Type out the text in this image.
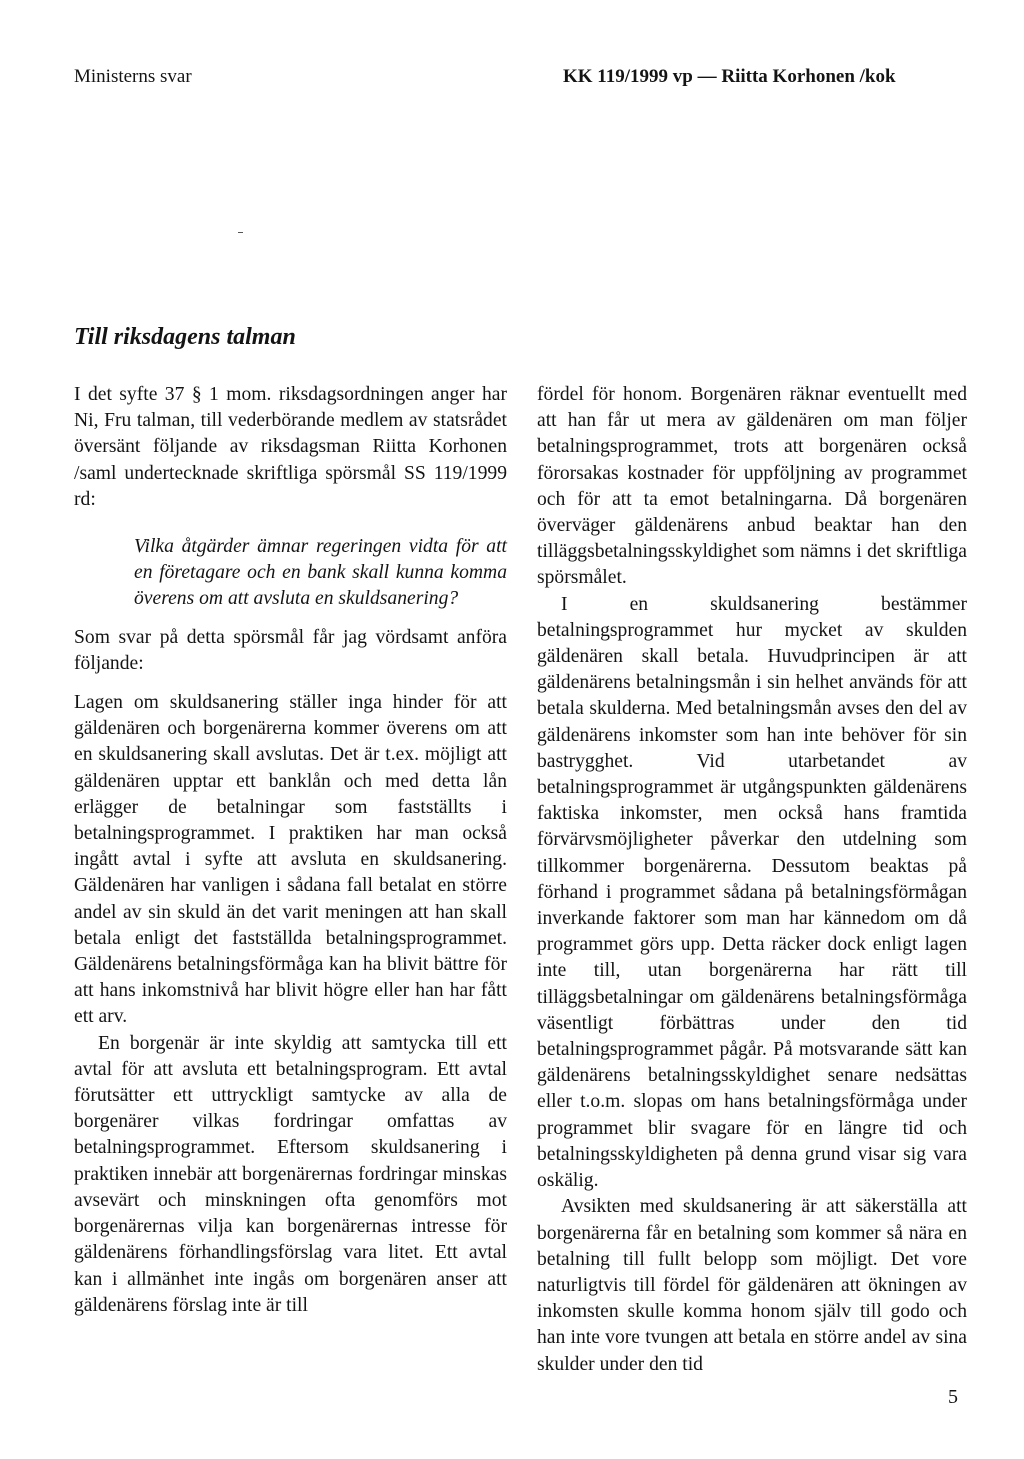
Ministerns svar	KK 119/1999 vp — Riitta Korhonen /kok
Till riksdagens talman

I det syfte 37 § 1 mom. riksdagsordningen anger har Ni, Fru talman, till vederbörande medlem av statsrådet översänt följande av riksdagsman Riitta Korhonen /saml undertecknade skriftliga spörsmål SS 119/1999 rd:

Vilka åtgärder ämnar regeringen vidta för att en företagare och en bank skall kunna komma överens om att avsluta en skuldsanering?

Som svar på detta spörsmål får jag vördsamt anföra följande:

Lagen om skuldsanering ställer inga hinder för att gäldenären och borgenärerna kommer överens om att en skuldsanering skall avslutas. Det är t.ex. möjligt att gäldenären upptar ett banklån och med detta lån erlägger de betalningar som fastställts i betalningsprogrammet. I praktiken har man också ingått avtal i syfte att avsluta en skuldsanering. Gäldenären har vanligen i sådana fall betalat en större andel av sin skuld än det varit meningen att han skall betala enligt det fastställda betalningsprogrammet. Gäldenärens betalningsförmåga kan ha blivit bättre för att hans inkomstnivå har blivit högre eller han har fått ett arv.

En borgenär är inte skyldig att samtycka till ett avtal för att avsluta ett betalningsprogram. Ett avtal förutsätter ett uttryckligt samtycke av alla de borgenärer vilkas fordringar omfattas av betalningsprogrammet. Eftersom skuldsanering i praktiken innebär att borgenärernas fordringar minskas avsevärt och minskningen ofta genomförs mot borgenärernas vilja kan borgenärernas intresse för gäldenärens förhandlingsförslag vara litet. Ett avtal kan i allmänhet inte ingås om borgenären anser att gäldenärens förslag inte är till

fördel för honom. Borgenären räknar eventuellt med att han får ut mera av gäldenären om man följer betalningsprogrammet, trots att borgenären också förorsakas kostnader för uppföljning av programmet och för att ta emot betalningarna. Då borgenären överväger gäldenärens anbud beaktar han den tilläggsbetalningsskyldighet som nämns i det skriftliga spörsmålet.

I en skuldsanering bestämmer betalningsprogrammet hur mycket av skulden gäldenären skall betala. Huvudprincipen är att gäldenärens betalningsmån i sin helhet används för att betala skulderna. Med betalningsmån avses den del av gäldenärens inkomster som han inte behöver för sin bastrygghet. Vid utarbetandet av betalningsprogrammet är utgångspunkten gäldenärens faktiska inkomster, men också hans framtida förvärvsmöjligheter påverkar den utdelning som tillkommer borgenärerna. Dessutom beaktas på förhand i programmet sådana på betalningsförmågan inverkande faktorer som man har kännedom om då programmet görs upp. Detta räcker dock enligt lagen inte till, utan borgenärerna har rätt till tilläggsbetalningar om gäldenärens betalningsförmåga väsentligt förbättras under den tid betalningsprogrammet pågår. På motsvarande sätt kan gäldenärens betalningsskyldighet senare nedsättas eller t.o.m. slopas om hans betalningsförmåga under programmet blir svagare för en längre tid och betalningsskyldigheten på denna grund visar sig vara oskälig.

Avsikten med skuldsanering är att säkerställa att borgenärerna får en betalning som kommer så nära en betalning till fullt belopp som möjligt. Det vore naturligtvis till fördel för gäldenären att ökningen av inkomsten skulle komma honom själv till godo och han inte vore tvungen att betala en större andel av sina skulder under den tid

5
